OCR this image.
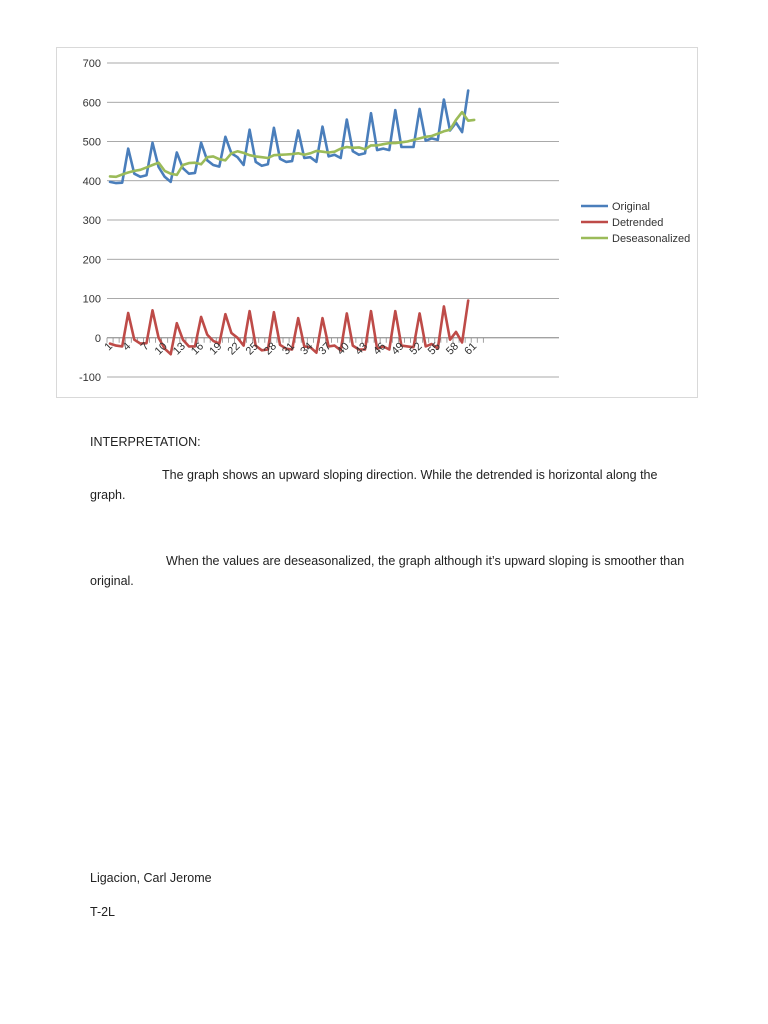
700
600
500
400
300
200
100
0
-100
1 4 7 10 13 16 19 22 25 28 31 34 37 40 43 46 49 52 55 58 61
Original
Detrended
Deseasonalized
INTERPRETATION:
The graph shows an upward sloping direction. While the detrended is horizontal along the graph.
When the values are deseasonalized, the graph although it’s upward sloping is smoother than original.
Ligacion, Carl Jerome
T-2L
